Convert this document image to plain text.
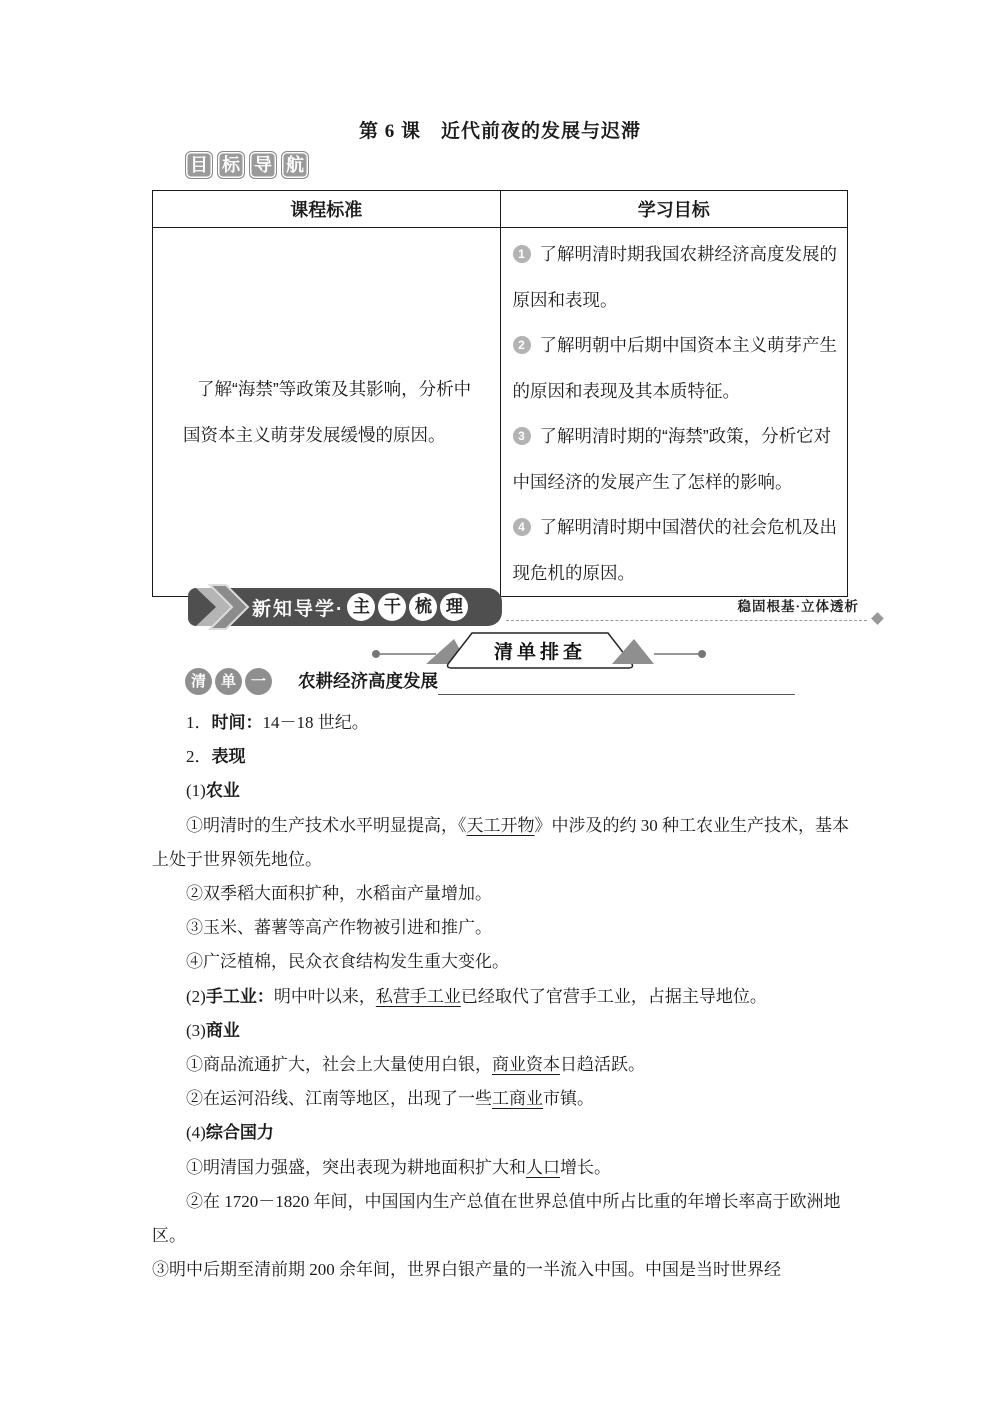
第 6 课　近代前夜的发展与迟滞
目 标 导 航
课程标准	学习目标

了解“海禁”等政策及其影响，分析中国资本主义萌芽发展缓慢的原因。	1 了解明清时期我国农耕经济高度发展的原因和表现。

2 了解明朝中后期中国资本主义萌芽产生的原因和表现及其本质特征。

3 了解明清时期的“海禁”政策，分析它对中国经济的发展产生了怎样的影响。

4 了解明清时期中国潜伏的社会危机及出现危机的原因。

新知导学· 主 干 梳 理	稳固根基·立体透析
清单排查
清 单 一	农耕经济高度发展

1．时间：14－18 世纪。

2．表现

(1)农业

①明清时的生产技术水平明显提高，《天工开物》中涉及的约 30 种工农业生产技术，基本上处于世界领先地位。

②双季稻大面积扩种，水稻亩产量增加。

③玉米、蕃薯等高产作物被引进和推广。

④广泛植棉，民众衣食结构发生重大变化。

(2)手工业：明中叶以来，私营手工业已经取代了官营手工业，占据主导地位。

(3)商业

①商品流通扩大，社会上大量使用白银，商业资本日趋活跃。

②在运河沿线、江南等地区，出现了一些工商业市镇。

(4)综合国力

①明清国力强盛，突出表现为耕地面积扩大和人口增长。

②在 1720－1820 年间，中国国内生产总值在世界总值中所占比重的年增长率高于欧洲地区。

③明中后期至清前期 200 余年间，世界白银产量的一半流入中国。中国是当时世界经
